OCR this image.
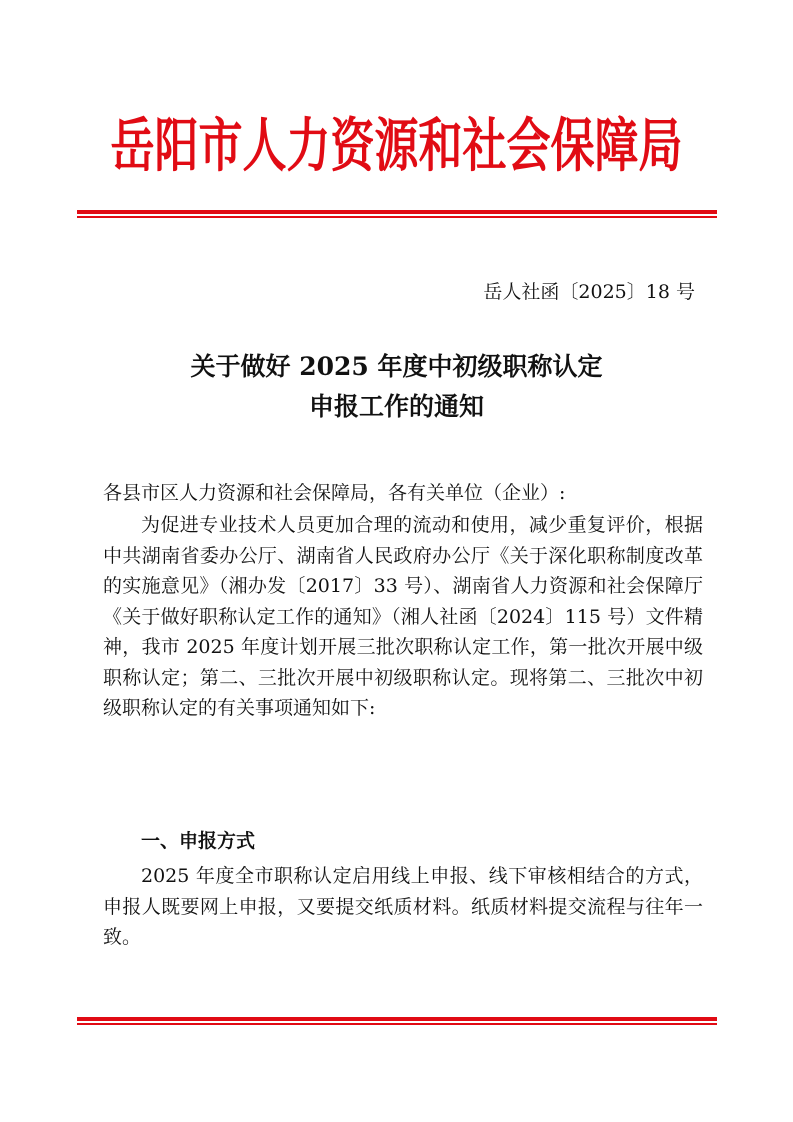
岳阳市人力资源和社会保障局
岳人社函〔2025〕18 号
关于做好 2025 年度中初级职称认定
申报工作的通知
各县市区人力资源和社会保障局，各有关单位（企业）:
为促进专业技术人员更加合理的流动和使用，减少重复评价，根据中共湖南省委办公厅、湖南省人民政府办公厅《关于深化职称制度改革的实施意见》（湘办发〔2017〕33 号）、湖南省人力资源和社会保障厅《关于做好职称认定工作的通知》（湘人社函〔2024〕115 号）文件精神，我市 2025 年度计划开展三批次职称认定工作，第一批次开展中级职称认定；第二、三批次开展中初级职称认定。现将第二、三批次中初级职称认定的有关事项通知如下:
一、申报方式
2025 年度全市职称认定启用线上申报、线下审核相结合的方式，申报人既要网上申报，又要提交纸质材料。纸质材料提交流程与往年一致。
